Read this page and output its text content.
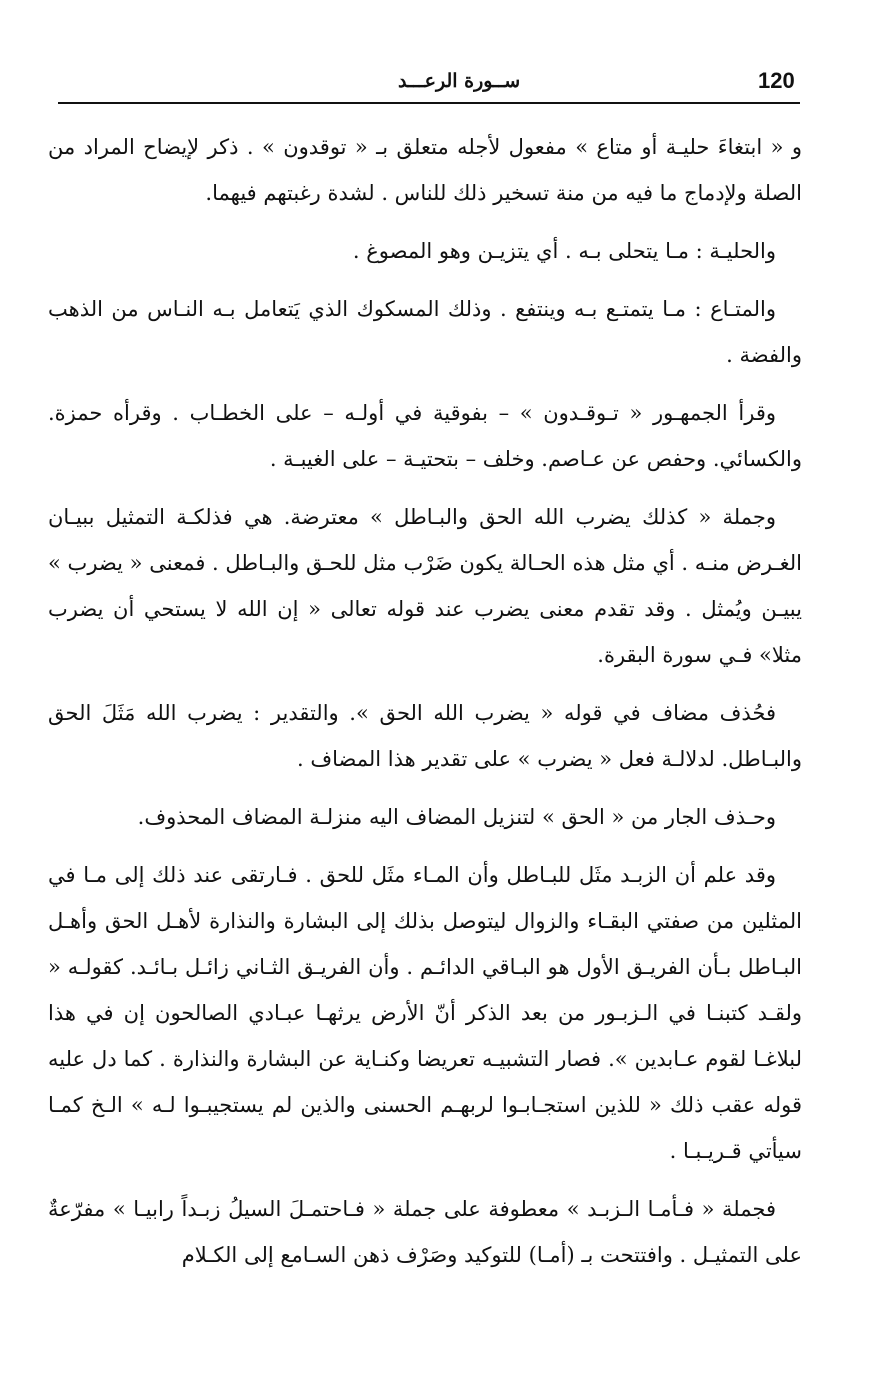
120
ســورة الرعـــد

و « ابتغاءَ حليـة أو متاع » مفعول لأجله متعلق بـ « توقدون » . ذكر لإيضاح المراد من الصلة ولإدماج ما فيه من منة تسخير ذلك للناس . لشدة رغبتهم فيهما.

والحليـة : مـا يتحلى بـه . أي يتزيـن وهو المصوغ .

والمتـاع : مـا يتمتـع بـه وينتفع . وذلك المسكوك الذي يَتعامل بـه النـاس من الذهب والفضة .

وقرأ الجمهـور « تـوقـدون » – بفوقية في أولـه – على الخطـاب . وقرأه حمزة. والكسائي. وحفص عن عـاصم. وخلف – بتحتيـة – على الغيبـة .

وجملة « كذلك يضرب الله الحق والبـاطل » معترضة. هي فذلكـة التمثيل ببيـان الغـرض منـه . أي مثل هذه الحـالة يكون ضَرْب مثل للحـق والبـاطل . فمعنى « يضرب » يبيـن ويُمثل . وقد تقدم معنى يضرب عند قوله تعالى « إن الله لا يستحي أن يضرب مثلا» فـي سورة البقرة.

فحُذف مضاف في قوله « يضرب الله الحق ». والتقدير : يضرب الله مَثَلَ الحق والبـاطل. لدلالـة فعل « يضرب » على تقدير هذا المضاف .

وحـذف الجار من « الحق » لتنزيل المضاف اليه منزلـة المضاف المحذوف.

وقد علم أن الزبـد مثَل للبـاطل وأن المـاء مثَل للحق . فـارتقى عند ذلك إلى مـا في المثلين من صفتي البقـاء والزوال ليتوصل بذلك إلى البشارة والنذارة لأهـل الحق وأهـل البـاطل بـأن الفريـق الأول هو البـاقي الدائـم . وأن الفريـق الثـاني زائـل بـائـد. كقولـه « ولقـد كتبنـا في الـزبـور من بعد الذكر أنّ الأرض يرثهـا عبـادي الصالحون إن في هذا لبلاغـا لقوم عـابدين ». فصار التشبيـه تعريضا وكنـاية عن البشارة والنذارة . كما دل عليه قوله عقب ذلك « للذين استجـابـوا لربهـم الحسنى والذين لم يستجيبـوا لـه » الـخ كمـا سيأتي قـريـبـا .

فجملة « فـأمـا الـزبـد » معطوفة على جملة « فـاحتمـلَ السيلُ زبـداً رابيـا » مفرّعةٌ على التمثيـل . وافتتحت بـ (أمـا) للتوكيد وصَرْف ذهن السـامع إلى الكـلام
